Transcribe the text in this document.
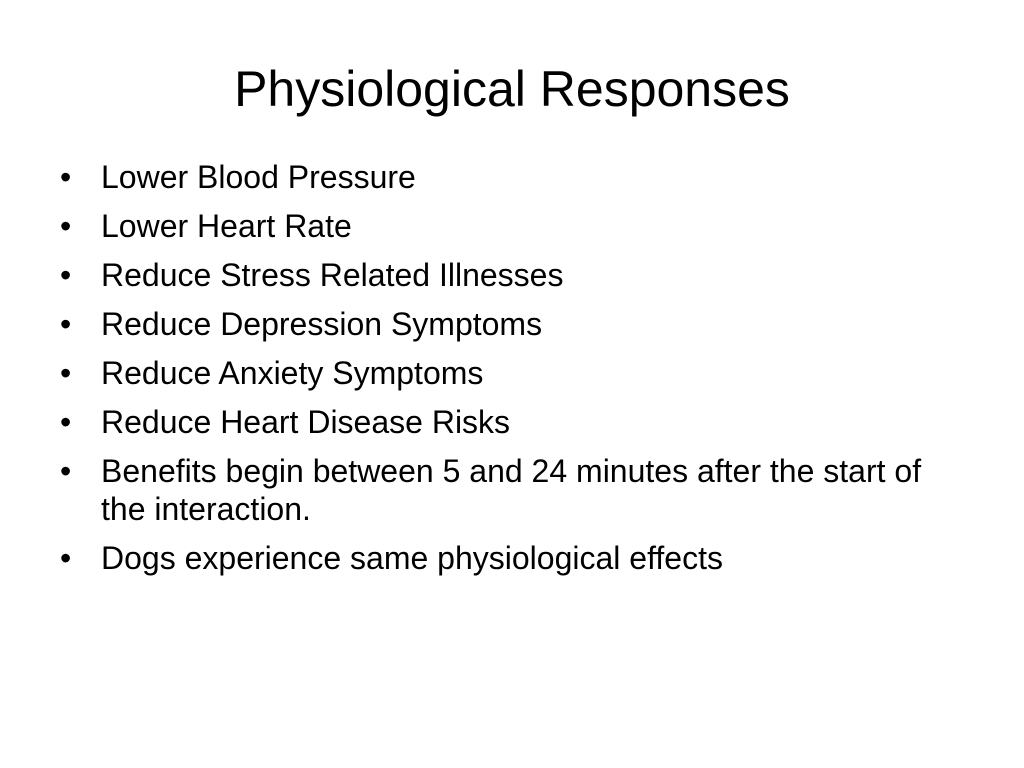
Physiological Responses
• Lower Blood Pressure
• Lower Heart Rate
• Reduce Stress Related Illnesses
• Reduce Depression Symptoms
• Reduce Anxiety Symptoms
• Reduce Heart Disease Risks
• Benefits begin between 5 and 24 minutes after the start of the interaction.
• Dogs experience same physiological effects
